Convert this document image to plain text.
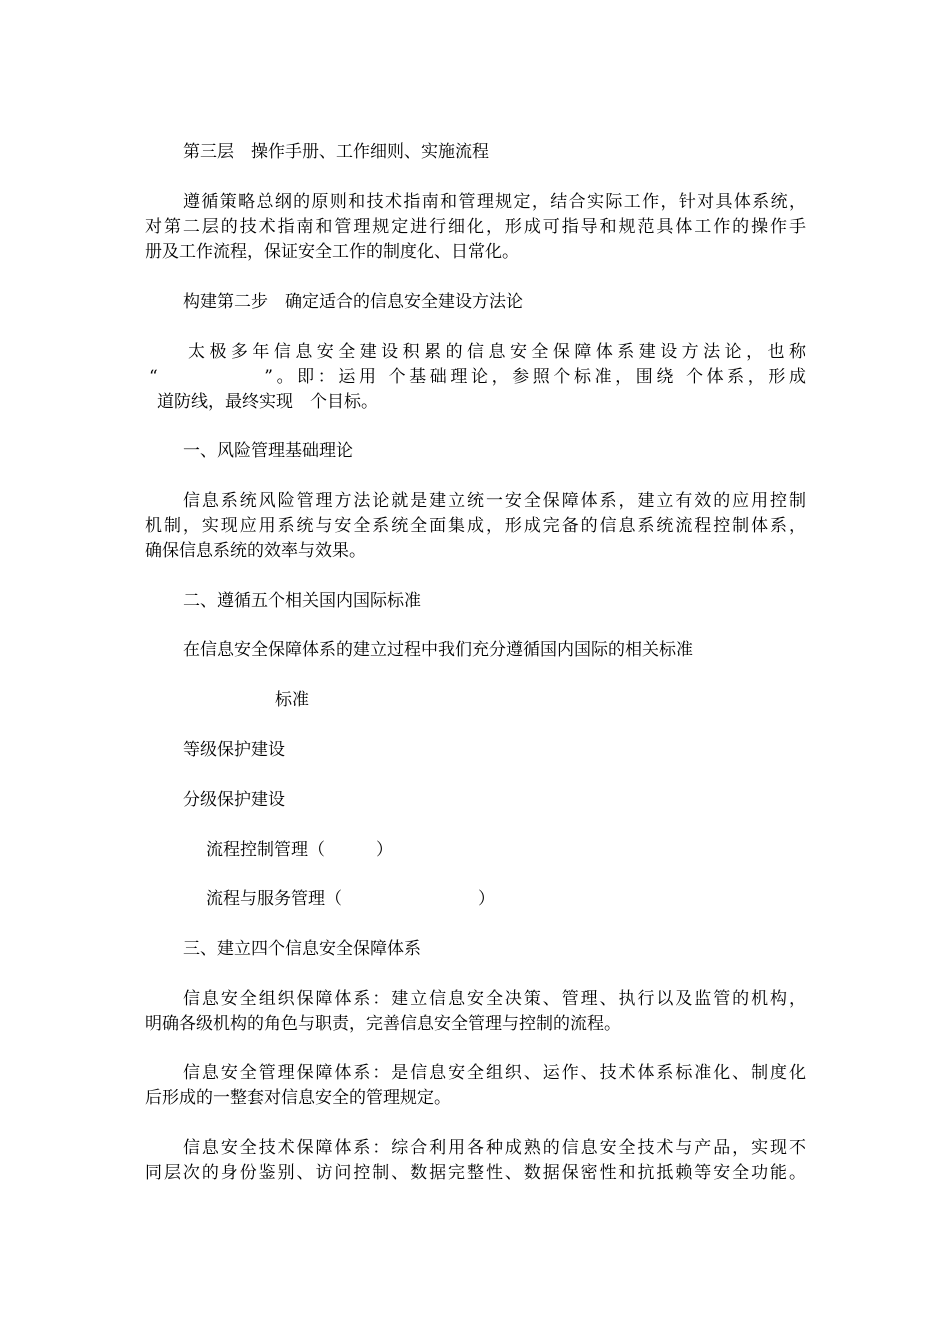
第三层　操作手册、工作细则、实施流程
遵循策略总纲的原则和技术指南和管理规定，结合实际工作，针对具体系统，
对第二层的技术指南和管理规定进行细化，形成可指导和规范具体工作的操作手
册及工作流程，保证安全工作的制度化、日常化。
构建第二步　确定适合的信息安全建设方法论
太极多年信息安全建设积累的信息安全保障体系建设方法论，也称
“　　　　　”。即：运用 个基础理论，参照个标准，围绕 个体系，形成
道防线，最终实现　个目标。
一、风险管理基础理论
信息系统风险管理方法论就是建立统一安全保障体系，建立有效的应用控制
机制，实现应用系统与安全系统全面集成，形成完备的信息系统流程控制体系，
确保信息系统的效率与效果。
二、遵循五个相关国内国际标准
在信息安全保障体系的建立过程中我们充分遵循国内国际的相关标准
标准
等级保护建设
分级保护建设
流程控制管理（　　　）
流程与服务管理（　　　　　　　　）
三、建立四个信息安全保障体系
信息安全组织保障体系：建立信息安全决策、管理、执行以及监管的机构，
明确各级机构的角色与职责，完善信息安全管理与控制的流程。
信息安全管理保障体系：是信息安全组织、运作、技术体系标准化、制度化
后形成的一整套对信息安全的管理规定。
信息安全技术保障体系：综合利用各种成熟的信息安全技术与产品，实现不
同层次的身份鉴别、访问控制、数据完整性、数据保密性和抗抵赖等安全功能。
